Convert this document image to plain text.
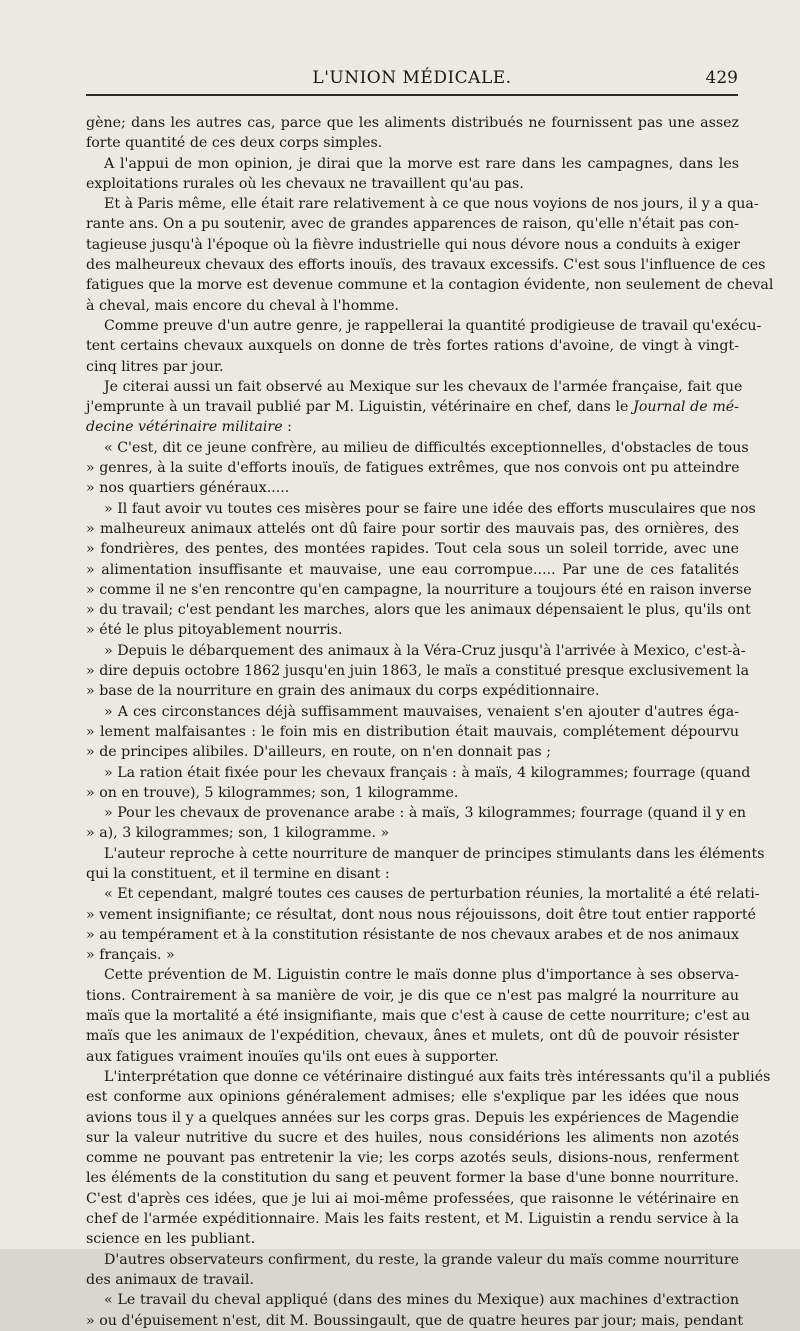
L'UNION MÉDICALE.	429
gène; dans les autres cas, parce que les aliments distribués ne fournissent pas une assez
forte quantité de ces deux corps simples.
A l'appui de mon opinion, je dirai que la morve est rare dans les campagnes, dans les
exploitations rurales où les chevaux ne travaillent qu'au pas.
Et à Paris même, elle était rare relativement à ce que nous voyions de nos jours, il y a qua-
rante ans. On a pu soutenir, avec de grandes apparences de raison, qu'elle n'était pas con-
tagieuse jusqu'à l'époque où la fièvre industrielle qui nous dévore nous a conduits à exiger
des malheureux chevaux des efforts inouïs, des travaux excessifs. C'est sous l'influence de ces
fatigues que la morve est devenue commune et la contagion évidente, non seulement de cheval
à cheval, mais encore du cheval à l'homme.
Comme preuve d'un autre genre, je rappellerai la quantité prodigieuse de travail qu'exécu-
tent certains chevaux auxquels on donne de très fortes rations d'avoine, de vingt à vingt-
cinq litres par jour.
Je citerai aussi un fait observé au Mexique sur les chevaux de l'armée française, fait que
j'emprunte à un travail publié par M. Liguistin, vétérinaire en chef, dans le Journal de mé-
decine vétérinaire militaire :
« C'est, dit ce jeune confrère, au milieu de difficultés exceptionnelles, d'obstacles de tous
» genres, à la suite d'efforts inouïs, de fatigues extrêmes, que nos convois ont pu atteindre
» nos quartiers généraux.....
» Il faut avoir vu toutes ces misères pour se faire une idée des efforts musculaires que nos
» malheureux animaux attelés ont dû faire pour sortir des mauvais pas, des ornières, des
» fondrières, des pentes, des montées rapides. Tout cela sous un soleil torride, avec une
» alimentation insuffisante et mauvaise, une eau corrompue..... Par une de ces fatalités
» comme il ne s'en rencontre qu'en campagne, la nourriture a toujours été en raison inverse
» du travail; c'est pendant les marches, alors que les animaux dépensaient le plus, qu'ils ont
» été le plus pitoyablement nourris.
» Depuis le débarquement des animaux à la Véra-Cruz jusqu'à l'arrivée à Mexico, c'est-à-
» dire depuis octobre 1862 jusqu'en juin 1863, le maïs a constitué presque exclusivement la
» base de la nourriture en grain des animaux du corps expéditionnaire.
» A ces circonstances déjà suffisamment mauvaises, venaient s'en ajouter d'autres éga-
» lement malfaisantes : le foin mis en distribution était mauvais, complétement dépourvu
» de principes alibiles. D'ailleurs, en route, on n'en donnait pas ;
» La ration était fixée pour les chevaux français : à maïs, 4 kilogrammes; fourrage (quand
» on en trouve), 5 kilogrammes; son, 1 kilogramme.
» Pour les chevaux de provenance arabe : à maïs, 3 kilogrammes; fourrage (quand il y en
» a), 3 kilogrammes; son, 1 kilogramme. »
L'auteur reproche à cette nourriture de manquer de principes stimulants dans les éléments
qui la constituent, et il termine en disant :
« Et cependant, malgré toutes ces causes de perturbation réunies, la mortalité a été relati-
» vement insignifiante; ce résultat, dont nous nous réjouissons, doit être tout entier rapporté
» au tempérament et à la constitution résistante de nos chevaux arabes et de nos animaux
» français. »
Cette prévention de M. Liguistin contre le maïs donne plus d'importance à ses observa-
tions. Contrairement à sa manière de voir, je dis que ce n'est pas malgré la nourriture au
maïs que la mortalité a été insignifiante, mais que c'est à cause de cette nourriture; c'est au
maïs que les animaux de l'expédition, chevaux, ânes et mulets, ont dû de pouvoir résister
aux fatigues vraiment inouïes qu'ils ont eues à supporter.
L'interprétation que donne ce vétérinaire distingué aux faits très intéressants qu'il a publiés
est conforme aux opinions généralement admises; elle s'explique par les idées que nous
avions tous il y a quelques années sur les corps gras. Depuis les expériences de Magendie
sur la valeur nutritive du sucre et des huiles, nous considérions les aliments non azotés
comme ne pouvant pas entretenir la vie; les corps azotés seuls, disions-nous, renferment
les éléments de la constitution du sang et peuvent former la base d'une bonne nourriture.
C'est d'après ces idées, que je lui ai moi-même professées, que raisonne le vétérinaire en
chef de l'armée expéditionnaire. Mais les faits restent, et M. Liguistin a rendu service à la
science en les publiant.
D'autres observateurs confirment, du reste, la grande valeur du maïs comme nourriture
des animaux de travail.
« Le travail du cheval appliqué (dans des mines du Mexique) aux machines d'extraction
» ou d'épuisement n'est, dit M. Boussingault, que de quatre heures par jour; mais, pendant
